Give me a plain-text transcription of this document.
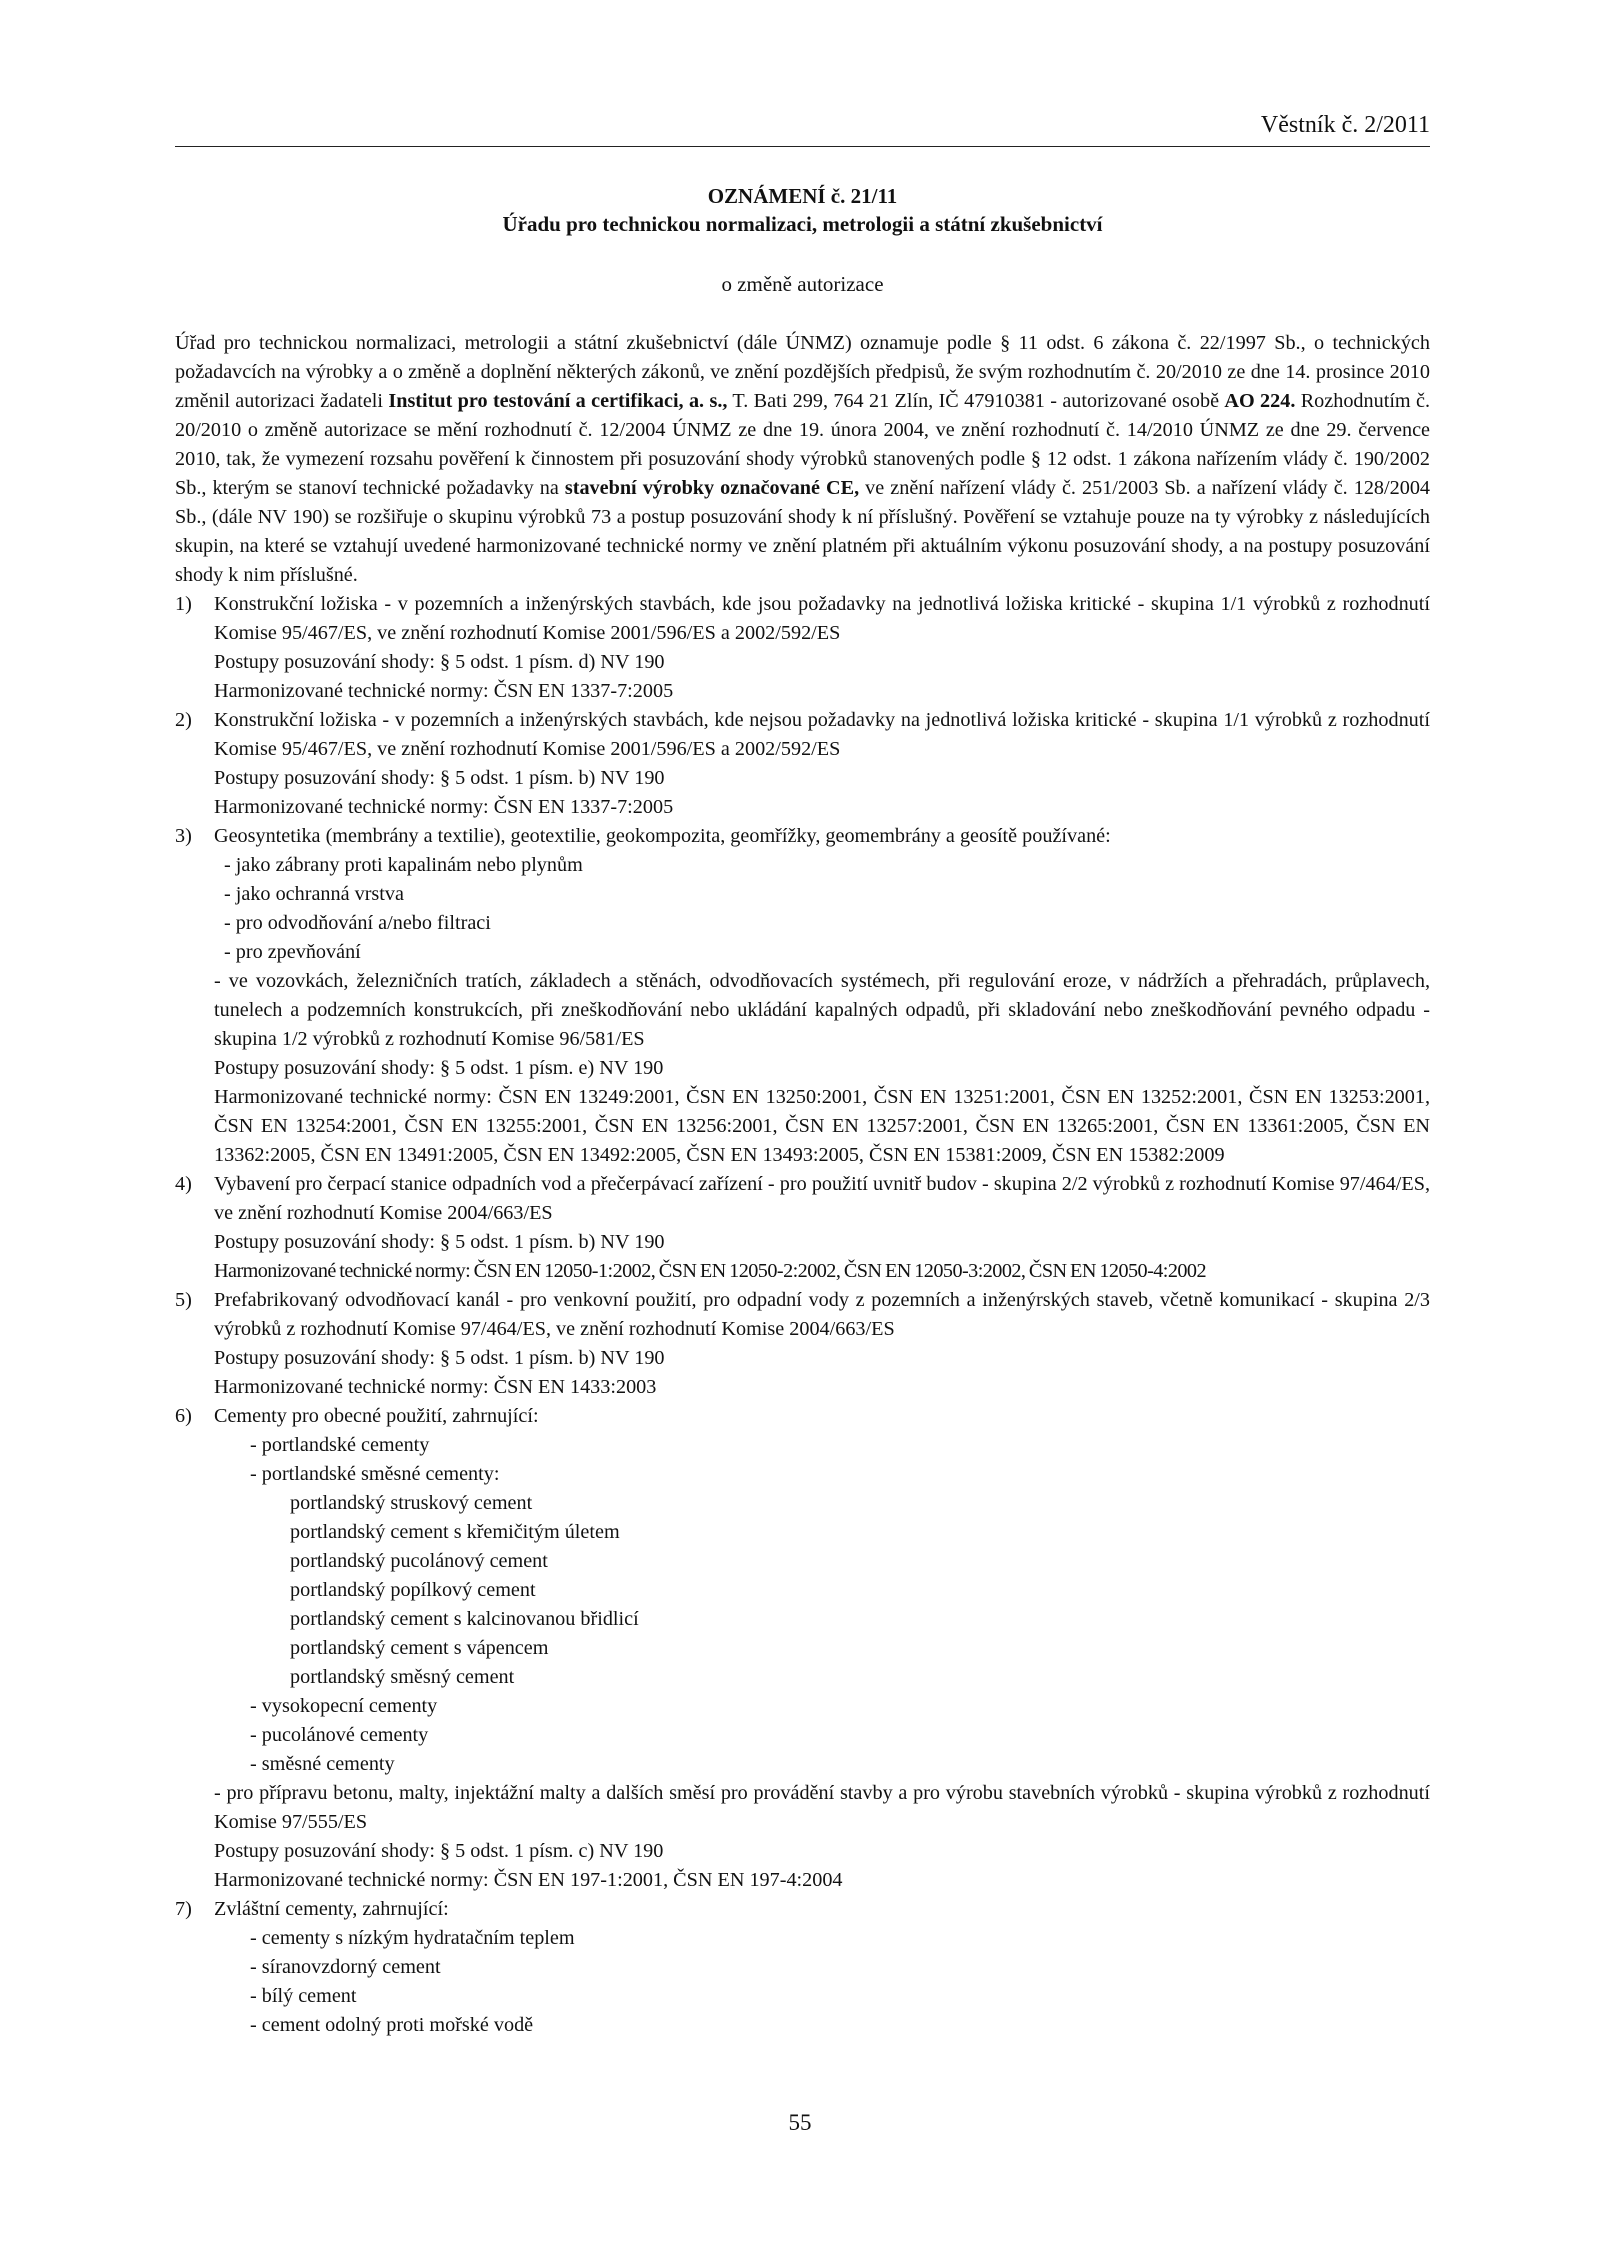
Věstník č. 2/2011
OZNÁMENÍ č. 21/11
Úřadu pro technickou normalizaci, metrologii a státní zkušebnictví
o změně autorizace

Úřad pro technickou normalizaci, metrologii a státní zkušebnictví (dále ÚNMZ) oznamuje podle § 11 odst. 6 zákona č. 22/1997 Sb., o technických požadavcích na výrobky a o změně a doplnění některých zákonů, ve znění pozdějších předpisů, že svým rozhodnutím č. 20/2010 ze dne 14. prosince 2010 změnil autorizaci žadateli Institut pro testování a certifikaci, a. s., T. Bati 299, 764 21 Zlín, IČ 47910381 - autorizované osobě AO 224. Rozhodnutím č. 20/2010 o změně autorizace se mění rozhodnutí č. 12/2004 ÚNMZ ze dne 19. února 2004, ve znění rozhodnutí č. 14/2010 ÚNMZ ze dne 29. července 2010, tak, že vymezení rozsahu pověření k činnostem při posuzování shody výrobků stanovených podle § 12 odst. 1 zákona nařízením vlády č. 190/2002 Sb., kterým se stanoví technické požadavky na stavební výrobky označované CE, ve znění nařízení vlády č. 251/2003 Sb. a nařízení vlády č. 128/2004 Sb., (dále NV 190) se rozšiřuje o skupinu výrobků 73 a postup posuzování shody k ní příslušný. Pověření se vztahuje pouze na ty výrobky z následujících skupin, na které se vztahují uvedené harmonizované technické normy ve znění platném při aktuálním výkonu posuzování shody, a na postupy posuzování shody k nim příslušné.

1)	Konstrukční ložiska - v pozemních a inženýrských stavbách, kde jsou požadavky na jednotlivá ložiska kritické - skupina 1/1 výrobků z rozhodnutí Komise 95/467/ES, ve znění rozhodnutí Komise 2001/596/ES a 2002/592/ES

Postupy posuzování shody: § 5 odst. 1 písm. d) NV 190

Harmonizované technické normy: ČSN EN 1337-7:2005

2)	Konstrukční ložiska - v pozemních a inženýrských stavbách, kde nejsou požadavky na jednotlivá ložiska kritické - skupina 1/1 výrobků z rozhodnutí Komise 95/467/ES, ve znění rozhodnutí Komise 2001/596/ES a 2002/592/ES

Postupy posuzování shody: § 5 odst. 1 písm. b) NV 190

Harmonizované technické normy: ČSN EN 1337-7:2005

3)	Geosyntetika (membrány a textilie), geotextilie, geokompozita, geomřížky, geomembrány a geosítě používané:

- jako zábrany proti kapalinám nebo plynům

- jako ochranná vrstva

- pro odvodňování a/nebo filtraci

- pro zpevňování

- ve vozovkách, železničních tratích, základech a stěnách, odvodňovacích systémech, při regulování eroze, v nádržích a přehradách, průplavech, tunelech a podzemních konstrukcích, při zneškodňování nebo ukládání kapalných odpadů, při skladování nebo zneškodňování pevného odpadu - skupina 1/2 výrobků z rozhodnutí Komise 96/581/ES

Postupy posuzování shody: § 5 odst. 1 písm. e) NV 190

Harmonizované technické normy: ČSN EN 13249:2001, ČSN EN 13250:2001, ČSN EN 13251:2001, ČSN EN 13252:2001, ČSN EN 13253:2001, ČSN EN 13254:2001, ČSN EN 13255:2001, ČSN EN 13256:2001, ČSN EN 13257:2001, ČSN EN 13265:2001, ČSN EN 13361:2005, ČSN EN 13362:2005, ČSN EN 13491:2005, ČSN EN 13492:2005, ČSN EN 13493:2005, ČSN EN 15381:2009, ČSN EN 15382:2009

4)	Vybavení pro čerpací stanice odpadních vod a přečerpávací zařízení - pro použití uvnitř budov - skupina 2/2 výrobků z rozhodnutí Komise 97/464/ES, ve znění rozhodnutí Komise 2004/663/ES

Postupy posuzování shody: § 5 odst. 1 písm. b) NV 190

Harmonizované technické normy: ČSN EN 12050-1:2002, ČSN EN 12050-2:2002, ČSN EN 12050-3:2002, ČSN EN 12050-4:2002

5)	Prefabrikovaný odvodňovací kanál - pro venkovní použití, pro odpadní vody z pozemních a inženýrských staveb, včetně komunikací - skupina 2/3 výrobků z rozhodnutí Komise 97/464/ES, ve znění rozhodnutí Komise 2004/663/ES

Postupy posuzování shody: § 5 odst. 1 písm. b) NV 190

Harmonizované technické normy: ČSN EN 1433:2003

6)	Cementy pro obecné použití, zahrnující:

- portlandské cementy

- portlandské směsné cementy:

portlandský struskový cement

portlandský cement s křemičitým úletem

portlandský pucolánový cement

portlandský popílkový cement

portlandský cement s kalcinovanou břidlicí

portlandský cement s vápencem

portlandský směsný cement

- vysokopecní cementy

- pucolánové cementy

- směsné cementy

- pro přípravu betonu, malty, injektážní malty a dalších směsí pro provádění stavby a pro výrobu stavebních výrobků - skupina výrobků z rozhodnutí Komise 97/555/ES

Postupy posuzování shody: § 5 odst. 1 písm. c) NV 190

Harmonizované technické normy: ČSN EN 197-1:2001, ČSN EN 197-4:2004

7)	Zvláštní cementy, zahrnující:

- cementy s nízkým hydratačním teplem

- síranovzdorný cement

- bílý cement

- cement odolný proti mořské vodě

55
